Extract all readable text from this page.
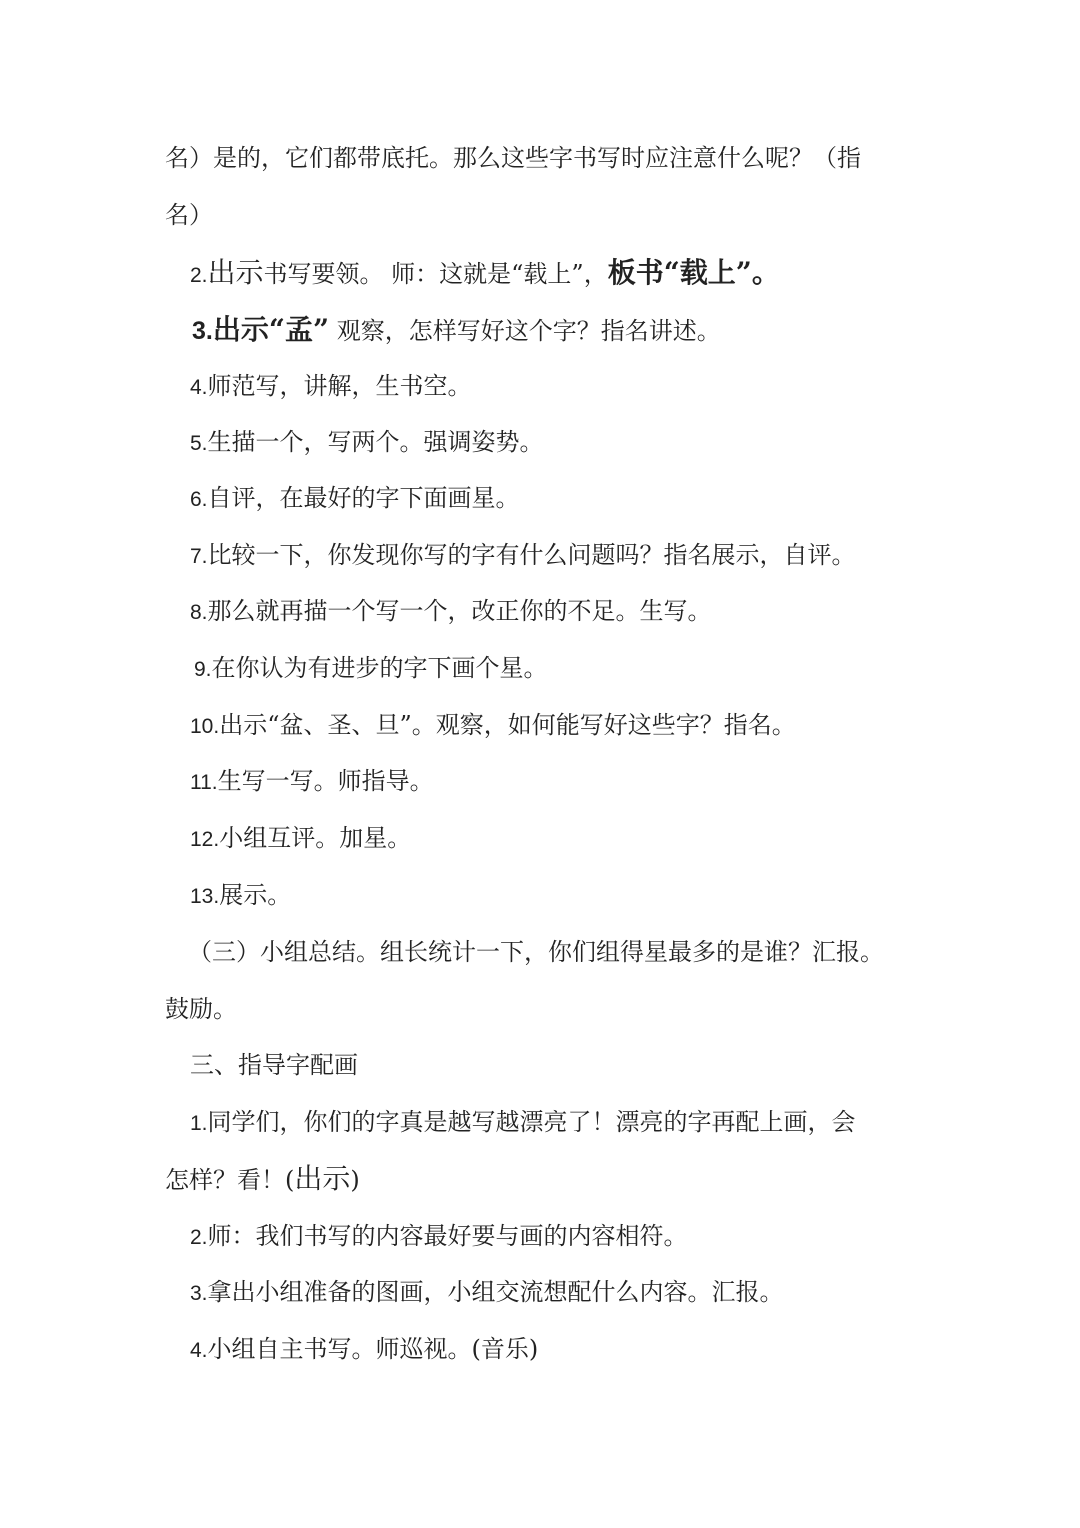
名）是的，它们都带底托。那么这些字书写时应注意什么呢？（指
名）
2.出示书写要领。 师：这就是“载上”，板书“载上”。
3.出示“孟” 观察，怎样写好这个字？指名讲述。
4.师范写，讲解，生书空。
5.生描一个，写两个。强调姿势。
6.自评，在最好的字下面画星。
7.比较一下，你发现你写的字有什么问题吗？指名展示，自评。
8.那么就再描一个写一个，改正你的不足。生写。
9.在你认为有进步的字下画个星。
10.出示“盆、圣、旦”。观察，如何能写好这些字？指名。
11.生写一写。师指导。
12.小组互评。加星。
13.展示。
（三）小组总结。组长统计一下，你们组得星最多的是谁？汇报。
鼓励。
三、指导字配画
1.同学们，你们的字真是越写越漂亮了！漂亮的字再配上画，会
怎样？看！(出示)
2.师：我们书写的内容最好要与画的内容相符。
3.拿出小组准备的图画，小组交流想配什么内容。汇报。
4.小组自主书写。师巡视。(音乐)
